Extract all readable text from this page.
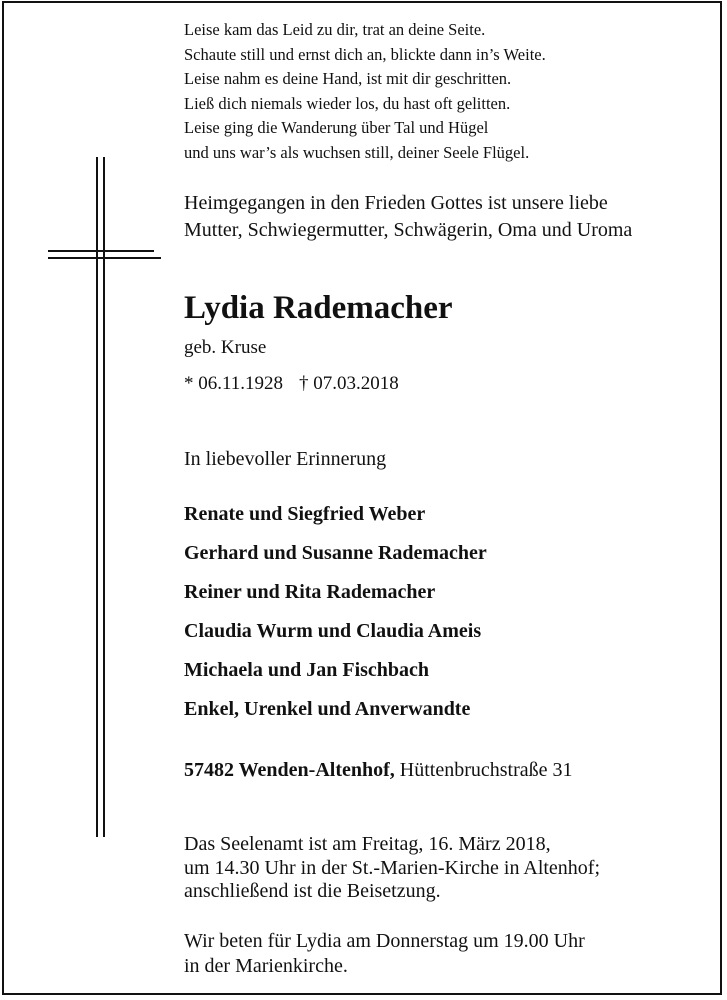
Leise kam das Leid zu dir, trat an deine Seite.
Schaute still und ernst dich an, blickte dann in’s Weite.
Leise nahm es deine Hand, ist mit dir geschritten.
Ließ dich niemals wieder los, du hast oft gelitten.
Leise ging die Wanderung über Tal und Hügel
und uns war’s als wuchsen still, deiner Seele Flügel.
Heimgegangen in den Frieden Gottes ist unsere liebe
Mutter, Schwiegermutter, Schwägerin, Oma und Uroma
Lydia Rademacher
geb. Kruse
* 06.11.1928 † 07.03.2018
In liebevoller Erinnerung
Renate und Siegfried Weber
Gerhard und Susanne Rademacher
Reiner und Rita Rademacher
Claudia Wurm und Claudia Ameis
Michaela und Jan Fischbach
Enkel, Urenkel und Anverwandte
57482 Wenden-Altenhof, Hüttenbruchstraße 31
Das Seelenamt ist am Freitag, 16. März 2018,
um 14.30 Uhr in der St.-Marien-Kirche in Altenhof;
anschließend ist die Beisetzung.
Wir beten für Lydia am Donnerstag um 19.00 Uhr
in der Marienkirche.
